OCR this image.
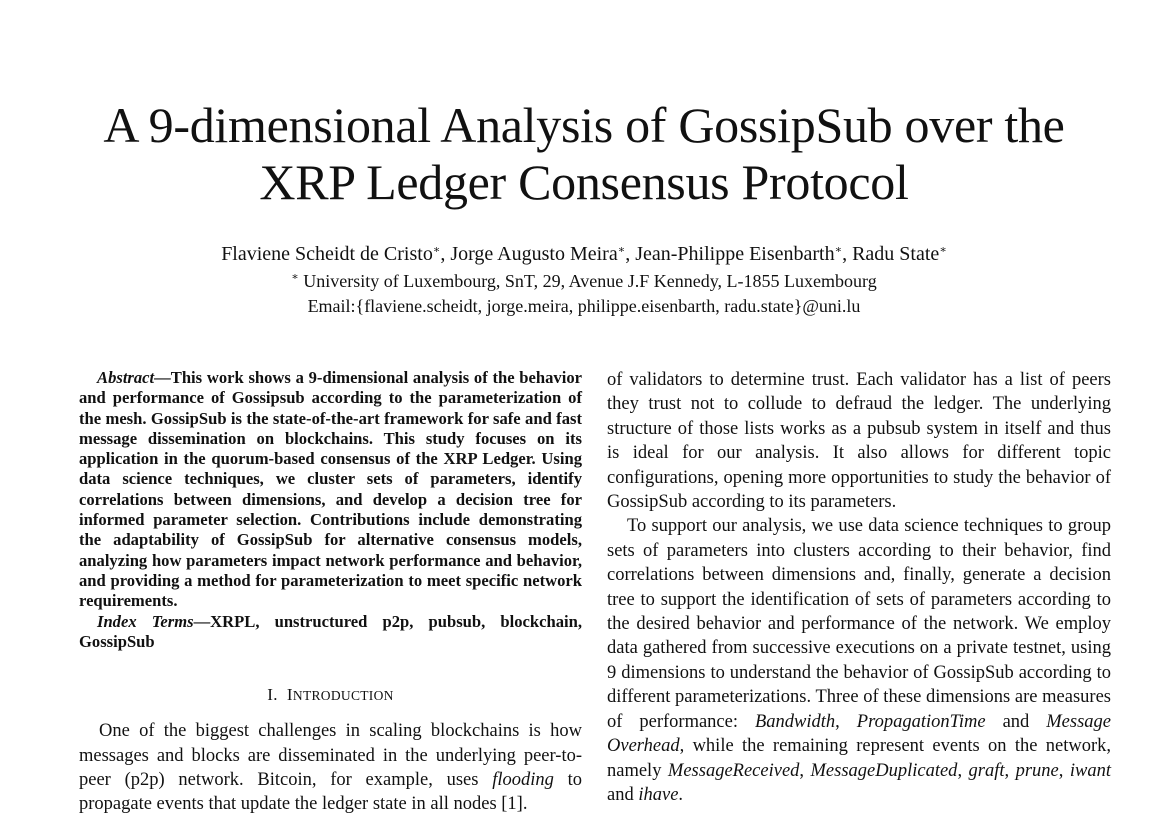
A 9-dimensional Analysis of GossipSub over the
XRP Ledger Consensus Protocol
Flaviene Scheidt de Cristo∗, Jorge Augusto Meira∗, Jean-Philippe Eisenbarth∗, Radu State∗
∗ University of Luxembourg, SnT, 29, Avenue J.F Kennedy, L-1855 Luxembourg
Email:{flaviene.scheidt, jorge.meira, philippe.eisenbarth, radu.state}@uni.lu

Abstract—This work shows a 9-dimensional analysis of the behavior and performance of Gossipsub according to the parameterization of the mesh. GossipSub is the state-of-the-art framework for safe and fast message dissemination on blockchains. This study focuses on its application in the quorum-based consensus of the XRP Ledger. Using data science techniques, we cluster sets of parameters, identify correlations between dimensions, and develop a decision tree for informed parameter selection. Contributions include demonstrating the adaptability of GossipSub for alternative consensus models, analyzing how parameters impact network performance and behavior, and providing a method for parameterization to meet specific network requirements.

Index Terms—XRPL, unstructured p2p, pubsub, blockchain, GossipSub

I. INTRODUCTION

One of the biggest challenges in scaling blockchains is how messages and blocks are disseminated in the underlying peer-to-peer (p2p) network. Bitcoin, for example, uses flooding to propagate events that update the ledger state in all nodes [1].

of validators to determine trust. Each validator has a list of peers they trust not to collude to defraud the ledger. The underlying structure of those lists works as a pubsub system in itself and thus is ideal for our analysis. It also allows for different topic configurations, opening more opportunities to study the behavior of GossipSub according to its parameters.

To support our analysis, we use data science techniques to group sets of parameters into clusters according to their behavior, find correlations between dimensions and, finally, generate a decision tree to support the identification of sets of parameters according to the desired behavior and performance of the network. We employ data gathered from successive executions on a private testnet, using 9 dimensions to understand the behavior of GossipSub according to different parameterizations. Three of these dimensions are measures of performance: Bandwidth, PropagationTime and Message Overhead, while the remaining represent events on the network, namely MessageReceived, MessageDuplicated, graft, prune, iwant and ihave.
